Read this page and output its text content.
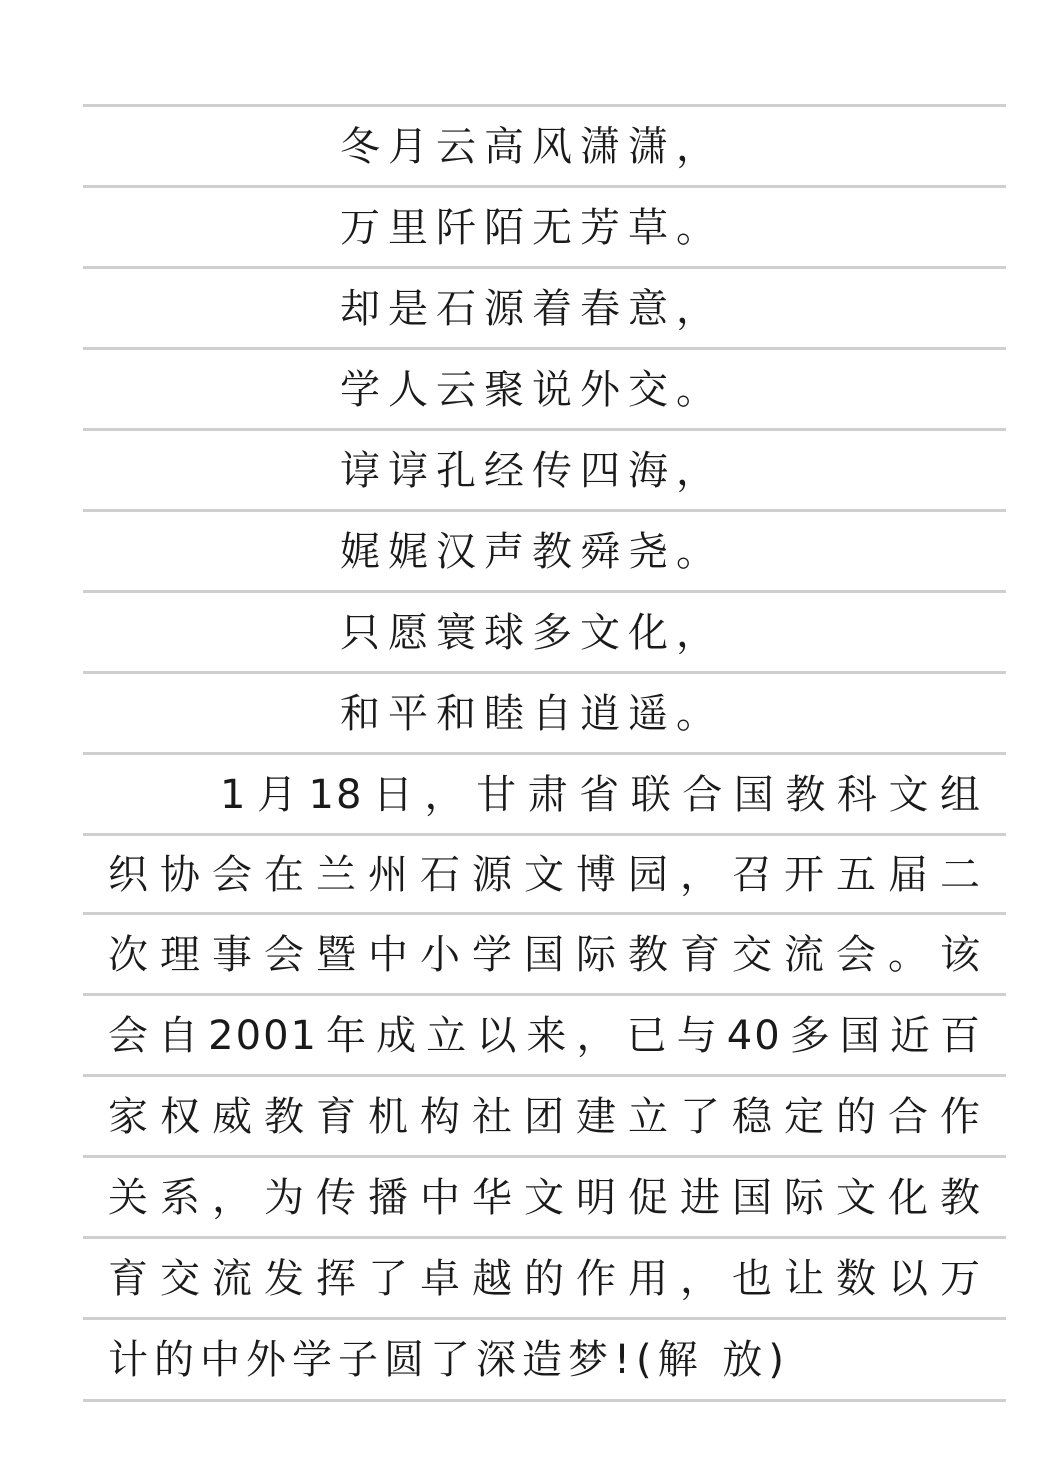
冬月云高风潇潇，
万里阡陌无芳草。
却是石源着春意，
学人云聚说外交。
谆谆孔经传四海，
娓娓汉声教舜尧。
只愿寰球多文化，
和平和睦自逍遥。
1月18日，甘肃省联合国教科文组
织协会在兰州石源文博园，召开五届二
次理事会暨中小学国际教育交流会。该
会自2001年成立以来，已与40多国近百
家权威教育机构社团建立了稳定的合作
关系，为传播中华文明促进国际文化教
育交流发挥了卓越的作用，也让数以万
计的中外学子圆了深造梦!(解 放)
